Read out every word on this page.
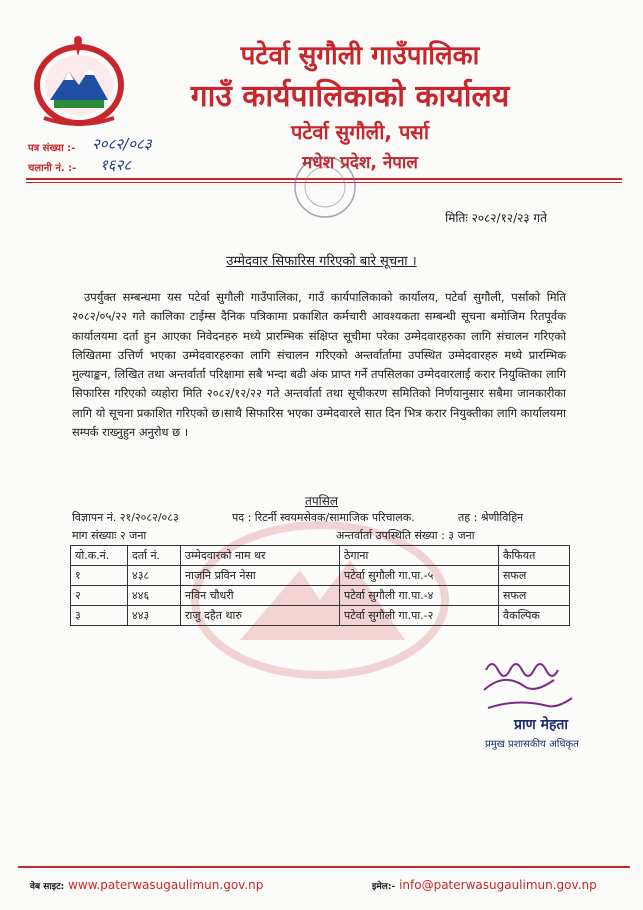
पटेर्वा सुगौली गाउँपालिका
गाउँ कार्यपालिकाको कार्यालय
पटेर्वा सुगौली, पर्सा
मधेश प्रदेश, नेपाल
पत्र संख्या :- २०८२/०८३
चलानी नं. :- १६२८
मितिः २०८२/१२/२३ गते
उम्मेदवार सिफारिस गरिएको बारे सूचना ।
उपर्युक्त सम्बन्धमा यस पटेर्वा सुगौली गाउँपालिका, गाउँ कार्यपालिकाको कार्यालय, पटेर्वा सुगौली, पर्साको मिति २०८२/०५/२२ गते कालिका टाईम्स दैनिक पत्रिकामा प्रकाशित कर्मचारी आवश्यकता सम्बन्धी सूचना बमोजिम रितपूर्वक कार्यालयमा दर्ता हुन आएका निवेदनहरु मध्ये प्रारम्भिक संक्षिप्त सूचीमा परेका उम्मेदवारहरुका लागि संचालन गरिएको लिखितमा उत्तिर्ण भएका उम्मेदवारहरुका लागि संचालन गरिएको अन्तर्वार्तामा उपस्थित उम्मेदवारहरु मध्ये प्रारम्भिक मुल्याङ्कन, लिखित तथा अन्तर्वार्ता परिक्षामा सबै भन्दा बढी अंक प्राप्त गर्ने तपसिलका उम्मेदवारलाई करार नियुक्तिका लागि सिफारिस गरिएको व्यहोरा मिति २०८२/१२/२२ गते अन्तर्वार्ता तथा सूचीकरण समितिको निर्णयानुसार सबैमा जानकारीका लागि यो सूचना प्रकाशित गरिएको छ।साथै सिफारिस भएका उम्मेदवारले सात दिन भित्र करार नियुक्तीका लागि कार्यालयमा सम्पर्क राख्नुहुन अनुरोध छ ।
तपसिल
विज्ञापन नं. २१/२०८२/०८३	पद : रिटर्नी स्वयमसेवक/सामाजिक परिचालक.	तह : श्रेणीविहिन
अन्तर्वार्ता उपस्थिति संख्या : ३ जना
माग संख्याः २ जना
यो.क.नं.	दर्ता नं.	उम्मेदवारको नाम थर	ठेगाना	कैफियत
१	४३८	नाजनि प्रविन नेसा	पटेर्वा सुगौली गा.पा.-५	सफल
२	४४६	नविन चौधरी	पटेर्वा सुगौली गा.पा.-४	सफल
३	४४३	राजु दहैत थारु	पटेर्वा सुगौली गा.पा.-२	वैकल्पिक
प्राण मेहता
प्रमुख प्रशासकीय अधिकृत
वेब साइट: www.paterwasugaulimun.gov.np	इमेल:- info@paterwasugaulimun.gov.np
